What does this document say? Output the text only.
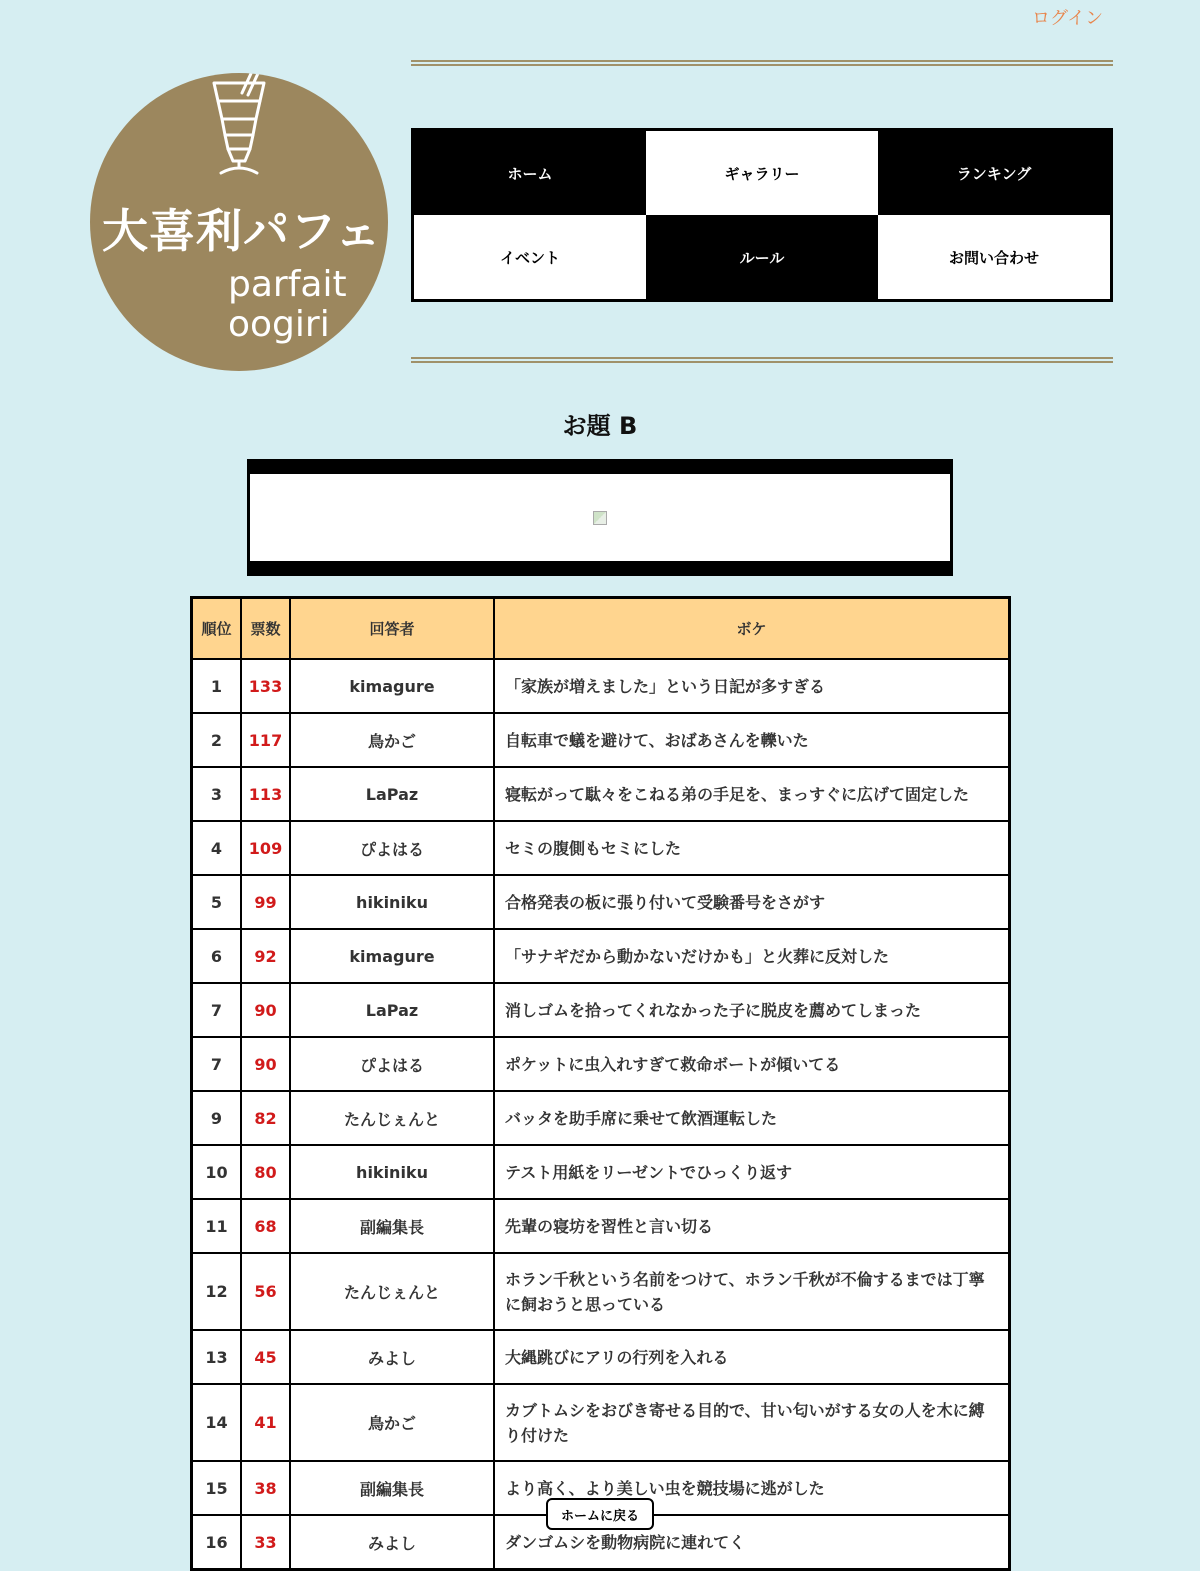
ログイン
大喜利パフェ
parfait
oogiri
ホーム	ギャラリー	ランキング
イベント	ルール	お問い合わせ
お題 B
順位	票数	回答者	ボケ
1	133	kimagure	「家族が増えました」という日記が多すぎる
2	117	鳥かご	自転車で蟻を避けて、おばあさんを轢いた
3	113	LaPaz	寝転がって駄々をこねる弟の手足を、まっすぐに広げて固定した
4	109	ぴよはる	セミの腹側もセミにした
5	99	hikiniku	合格発表の板に張り付いて受験番号をさがす
6	92	kimagure	「サナギだから動かないだけかも」と火葬に反対した
7	90	LaPaz	消しゴムを拾ってくれなかった子に脱皮を薦めてしまった
7	90	ぴよはる	ポケットに虫入れすぎて救命ボートが傾いてる
9	82	たんじぇんと	バッタを助手席に乗せて飲酒運転した
10	80	hikiniku	テスト用紙をリーゼントでひっくり返す
11	68	副編集長	先輩の寝坊を習性と言い切る
12	56	たんじぇんと	ホラン千秋という名前をつけて、ホラン千秋が不倫するまでは丁寧に飼おうと思っている
13	45	みよし	大縄跳びにアリの行列を入れる
14	41	鳥かご	カブトムシをおびき寄せる目的で、甘い匂いがする女の人を木に縛り付けた
15	38	副編集長	より高く、より美しい虫を競技場に逃がした
16	33	みよし	ダンゴムシを動物病院に連れてく
ホームに戻る
